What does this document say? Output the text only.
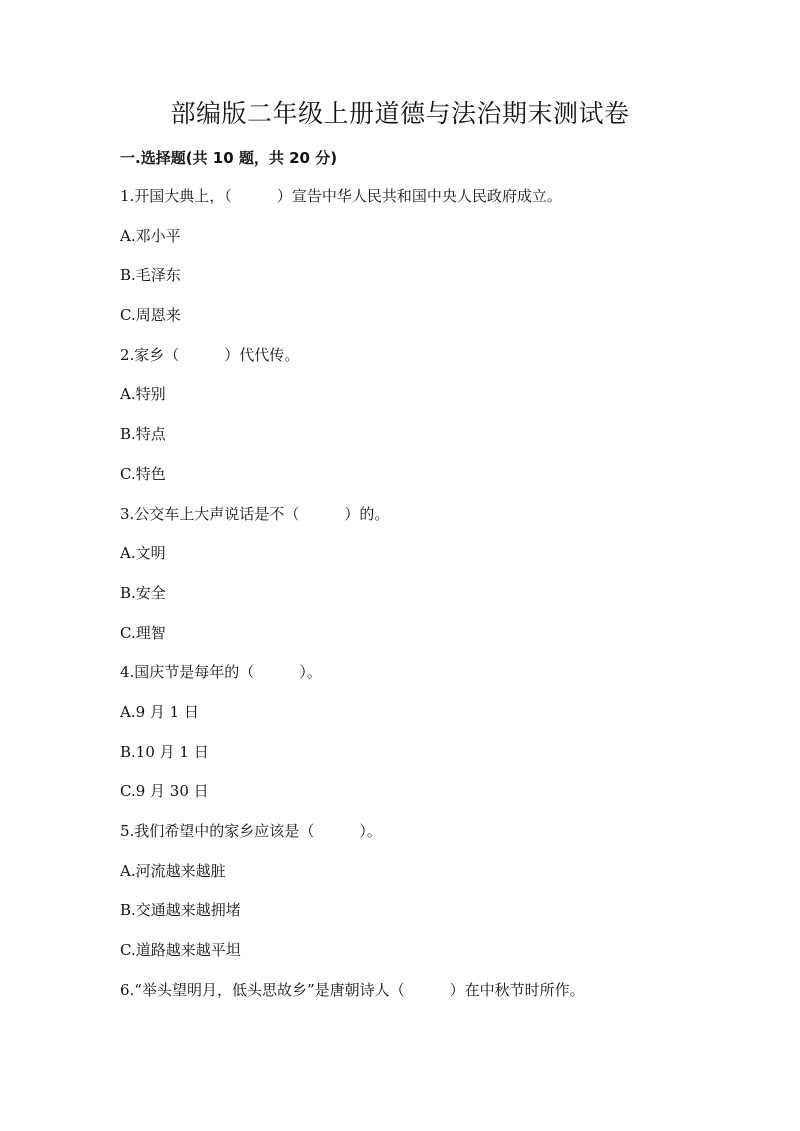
部编版二年级上册道德与法治期末测试卷
一.选择题(共 10 题，共 20 分)
1.开国大典上，（　　　）宣告中华人民共和国中央人民政府成立。
A.邓小平
B.毛泽东
C.周恩来
2.家乡（　　　）代代传。
A.特别
B.特点
C.特色
3.公交车上大声说话是不（　　　）的。
A.文明
B.安全
C.理智
4.国庆节是每年的（　　　）。
A.9 月 1 日
B.10 月 1 日
C.9 月 30 日
5.我们希望中的家乡应该是（　　　）。
A.河流越来越脏
B.交通越来越拥堵
C.道路越来越平坦
6.“举头望明月，低头思故乡”是唐朝诗人（　　　）在中秋节时所作。
